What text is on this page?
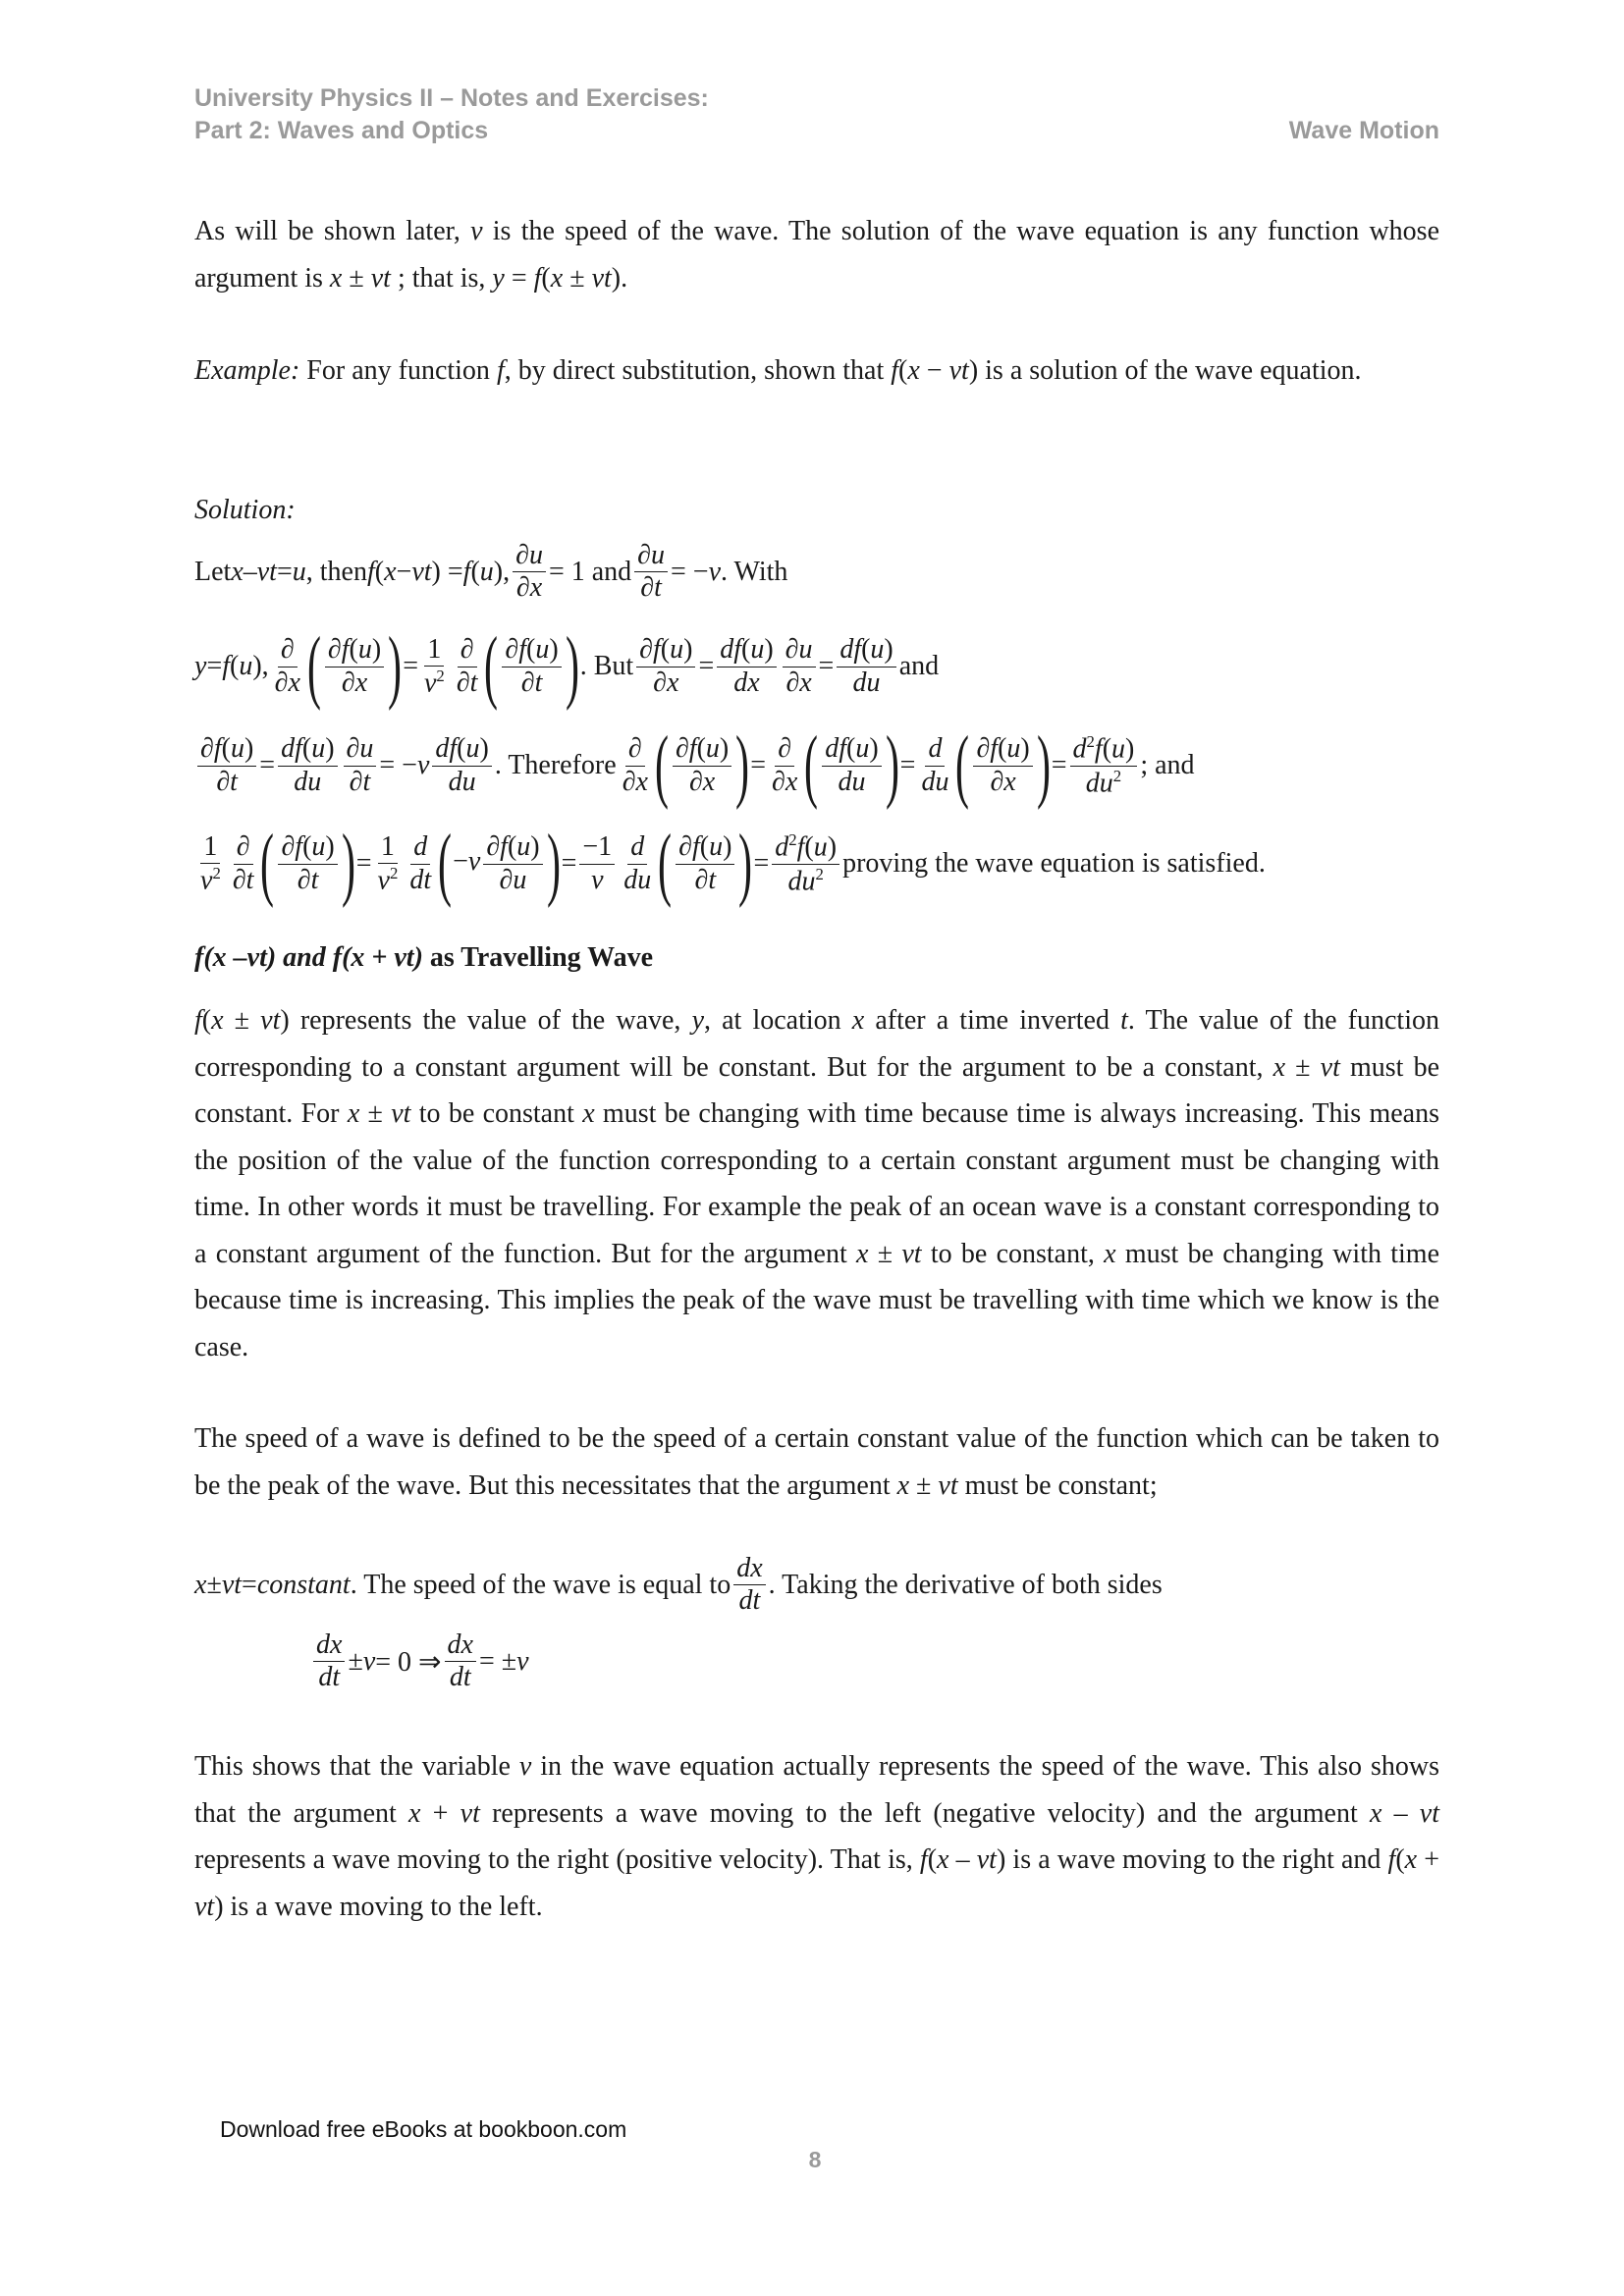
University Physics II – Notes and Exercises:
Part 2: Waves and Optics	Wave Motion
As will be shown later, v is the speed of the wave. The solution of the wave equation is any function whose argument is x ± vt ; that is, y = f(x ± vt).
Example: For any function f, by direct substitution, shown that f(x − vt) is a solution of the wave equation.
Solution:
Let x – vt = u , then f ( x − vt ) = f ( u ), $\frac{\partial u}{\partial x} = 1$ and $\frac{\partial u}{\partial t}$ = − v . With
y = f ( u ), $\frac{\partial}{\partial x}$ ( $\frac{\partial f(u)}{\partial x}$ ) = $\frac{1}{v^2} \frac{\partial}{\partial t}$ ( $\frac{\partial f(u)}{\partial t}$ ) . But $\frac{\partial f(u)}{\partial x} = \frac{df(u)}{dx} \frac{\partial u}{\partial x} = \frac{df(u)}{du}$ and
$\frac{\partial f(u)}{\partial t} = \frac{df(u)}{du} \frac{\partial u}{\partial t}$ = − v $\frac{df(u)}{du}$ . Therefore $\frac{\partial}{\partial x}$ ( $\frac{\partial f(u)}{\partial x}$ ) = $\frac{\partial}{\partial x}$ ( $\frac{df(u)}{du}$ ) = $\frac{d}{du}$ ( $\frac{\partial f(u)}{\partial x}$ ) = $\frac{d^2f(u)}{du^2}$ ; and
$\frac{1}{v^2} \frac{\partial}{\partial t}$ ( $\frac{\partial f(u)}{\partial t}$ ) = $\frac{1}{v^2} \frac{d}{dt}$ ( $-v \frac{\partial f(u)}{\partial u}$ ) = $\frac{-1}{v} \frac{d}{du}$ ( $\frac{\partial f(u)}{\partial t}$ ) = $\frac{d^2f(u)}{du^2}$ proving the wave equation is satisfied.
f(x –vt) and f(x + vt) as Travelling Wave
f(x ± vt) represents the value of the wave, y, at location x after a time inverted t. The value of the function corresponding to a constant argument will be constant. But for the argument to be a constant, x ± vt must be constant. For x ± vt to be constant x must be changing with time because time is always increasing. This means the position of the value of the function corresponding to a certain constant argument must be changing with time. In other words it must be travelling. For example the peak of an ocean wave is a constant corresponding to a constant argument of the function. But for the argument x ± vt to be constant, x must be changing with time because time is increasing. This implies the peak of the wave must be travelling with time which we know is the case.
The speed of a wave is defined to be the speed of a certain constant value of the function which can be taken to be the peak of the wave. But this necessitates that the argument x ± vt must be constant;
x ± vt = constant . The speed of the wave is equal to $\frac{dx}{dt}$ . Taking the derivative of both sides
$\frac{dx}{dt} \pm v = 0$ ⇒ $\frac{dx}{dt}$ = ± v
This shows that the variable v in the wave equation actually represents the speed of the wave. This also shows that the argument x + vt represents a wave moving to the left (negative velocity) and the argument x – vt represents a wave moving to the right (positive velocity). That is, f(x – vt) is a wave moving to the right and f(x + vt) is a wave moving to the left.
Download free eBooks at bookboon.com
8
